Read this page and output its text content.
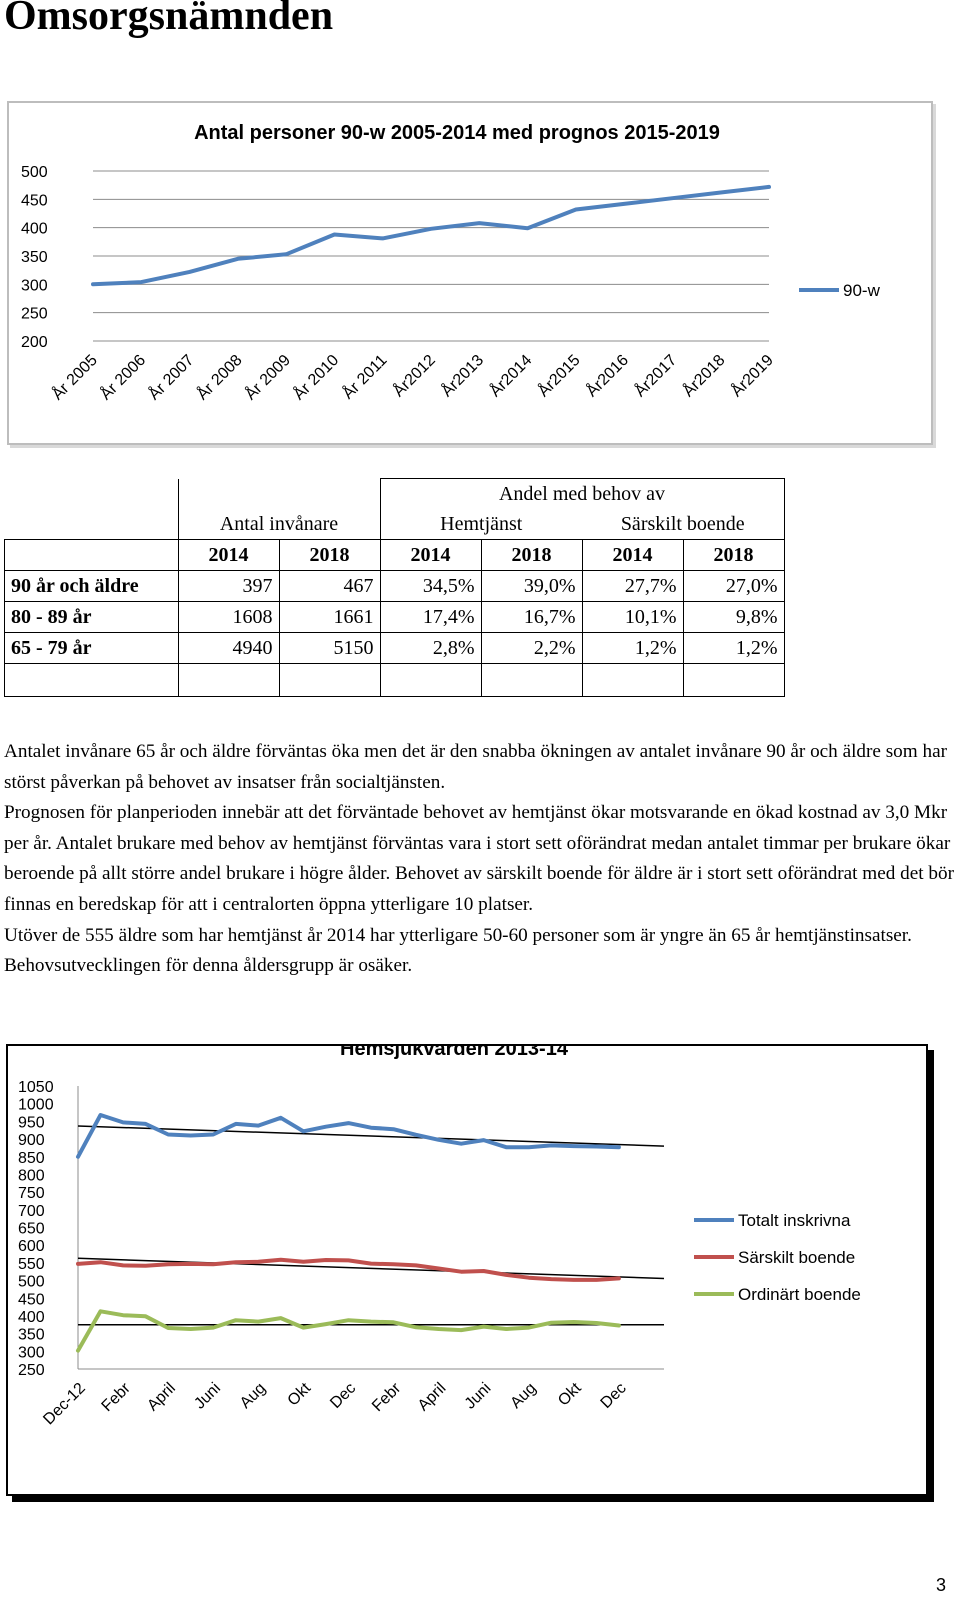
Omsorgsnämnden
Antal personer 90-w 2005-2014 med prognos 2015-2019
200
250
300
350
400
450
500
År 2005
År 2006
År 2007
År 2008
År 2009
År 2010
År 2011 År2012 År2013 År2014 År2015 År2016 År2017 År2018 År2019
90-w
			Andel med behov av			
	Antal invånare		Hemtjänst		Särskilt boende	
	2014	2018	2014	2018	2014	2018
90 år och äldre	397	467	34,5%	39,0%	27,7%	27,0%
80 - 89 år	1608	1661	17,4%	16,7%	10,1%	9,8%
65 - 79 år	4940	5150	2,8%	2,2%	1,2%	1,2%

Antalet invånare 65 år och äldre förväntas öka men det är den snabba ökningen av antalet invånare 90 år och äldre som har störst påverkan på behovet av insatser från socialtjänsten.

Prognosen för planperioden innebär att det förväntade behovet av hemtjänst ökar motsvarande en ökad kostnad av 3,0 Mkr per år. Antalet brukare med behov av hemtjänst förväntas vara i stort sett oförändrat medan antalet timmar per brukare ökar beroende på allt större andel brukare i högre ålder. Behovet av särskilt boende för äldre är i stort sett oförändrat med det bör finnas en beredskap för att i centralorten öppna ytterligare 10 platser.

Utöver de 555 äldre som har hemtjänst år 2014 har ytterligare 50-60 personer som är yngre än 65 år hemtjänstinsatser. Behovsutvecklingen för denna åldersgrupp är osäker.

Hemsjukvården 2013-14
250
300
350
400
450
500
550
600
650
700
750
800
850
900
950
1000
1050
Dec-12 Febr April Juni Aug Okt Dec Febr April Juni Aug Okt Dec
Totalt inskrivna
Särskilt boende
Ordinärt boende
3
